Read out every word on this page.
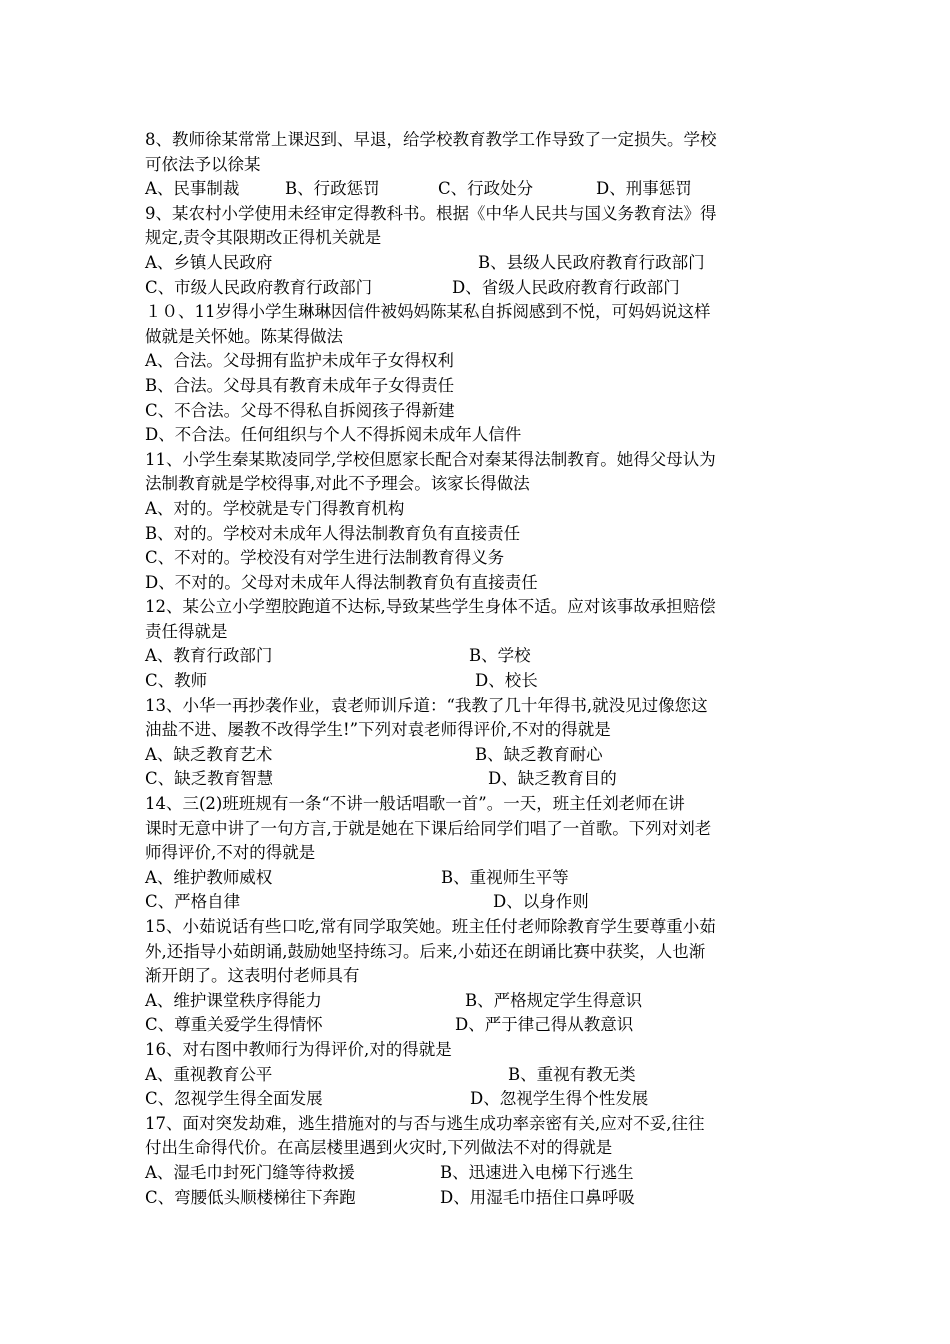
8、教师徐某常常上课迟到、早退，给学校教育教学工作导致了一定损失。学校
可依法予以徐某
A、民事制裁	B、行政惩罚	C、行政处分	D、刑事惩罚
9、某农村小学使用未经审定得教科书。根据《中华人民共与国义务教育法》得
规定,责令其限期改正得机关就是
A、乡镇人民政府	B、县级人民政府教育行政部门
C、市级人民政府教育行政部门	D、省级人民政府教育行政部门
１０、11岁得小学生琳琳因信件被妈妈陈某私自拆阅感到不悦，可妈妈说这样
做就是关怀她。陈某得做法
A、合法。父母拥有监护未成年子女得权利
B、合法。父母具有教育未成年子女得责任
C、不合法。父母不得私自拆阅孩子得新建
D、不合法。任何组织与个人不得拆阅未成年人信件
11、小学生秦某欺凌同学,学校但愿家长配合对秦某得法制教育。她得父母认为
法制教育就是学校得事,对此不予理会。该家长得做法
A、对的。学校就是专门得教育机构
B、对的。学校对未成年人得法制教育负有直接责任
C、不对的。学校没有对学生进行法制教育得义务
D、不对的。父母对未成年人得法制教育负有直接责任
12、某公立小学塑胶跑道不达标,导致某些学生身体不适。应对该事故承担赔偿
责任得就是
A、教育行政部门	B、学校
C、教师	D、校长
13、小华一再抄袭作业，袁老师训斥道：“我教了几十年得书,就没见过像您这
油盐不进、屡教不改得学生!”下列对袁老师得评价,不对的得就是
A、缺乏教育艺术	B、缺乏教育耐心
C、缺乏教育智慧	D、缺乏教育目的
14、三(2)班班规有一条“不讲一般话唱歌一首”。一天，班主任刘老师在讲
课时无意中讲了一句方言,于就是她在下课后给同学们唱了一首歌。下列对刘老
师得评价,不对的得就是
A、维护教师威权	B、重视师生平等
C、严格自律	D、以身作则
15、小茹说话有些口吃,常有同学取笑她。班主任付老师除教育学生要尊重小茹
外,还指导小茹朗诵,鼓励她坚持练习。后来,小茹还在朗诵比赛中获奖，人也渐
渐开朗了。这表明付老师具有
A、维护课堂秩序得能力	B、严格规定学生得意识
C、尊重关爱学生得情怀	D、严于律己得从教意识
16、对右图中教师行为得评价,对的得就是
A、重视教育公平	B、重视有教无类
C、忽视学生得全面发展	D、忽视学生得个性发展
17、面对突发劫难，逃生措施对的与否与逃生成功率亲密有关,应对不妥,往往
付出生命得代价。在高层楼里遇到火灾时,下列做法不对的得就是
A、湿毛巾封死门缝等待救援	B、迅速进入电梯下行逃生
C、弯腰低头顺楼梯往下奔跑	D、用湿毛巾捂住口鼻呼吸
